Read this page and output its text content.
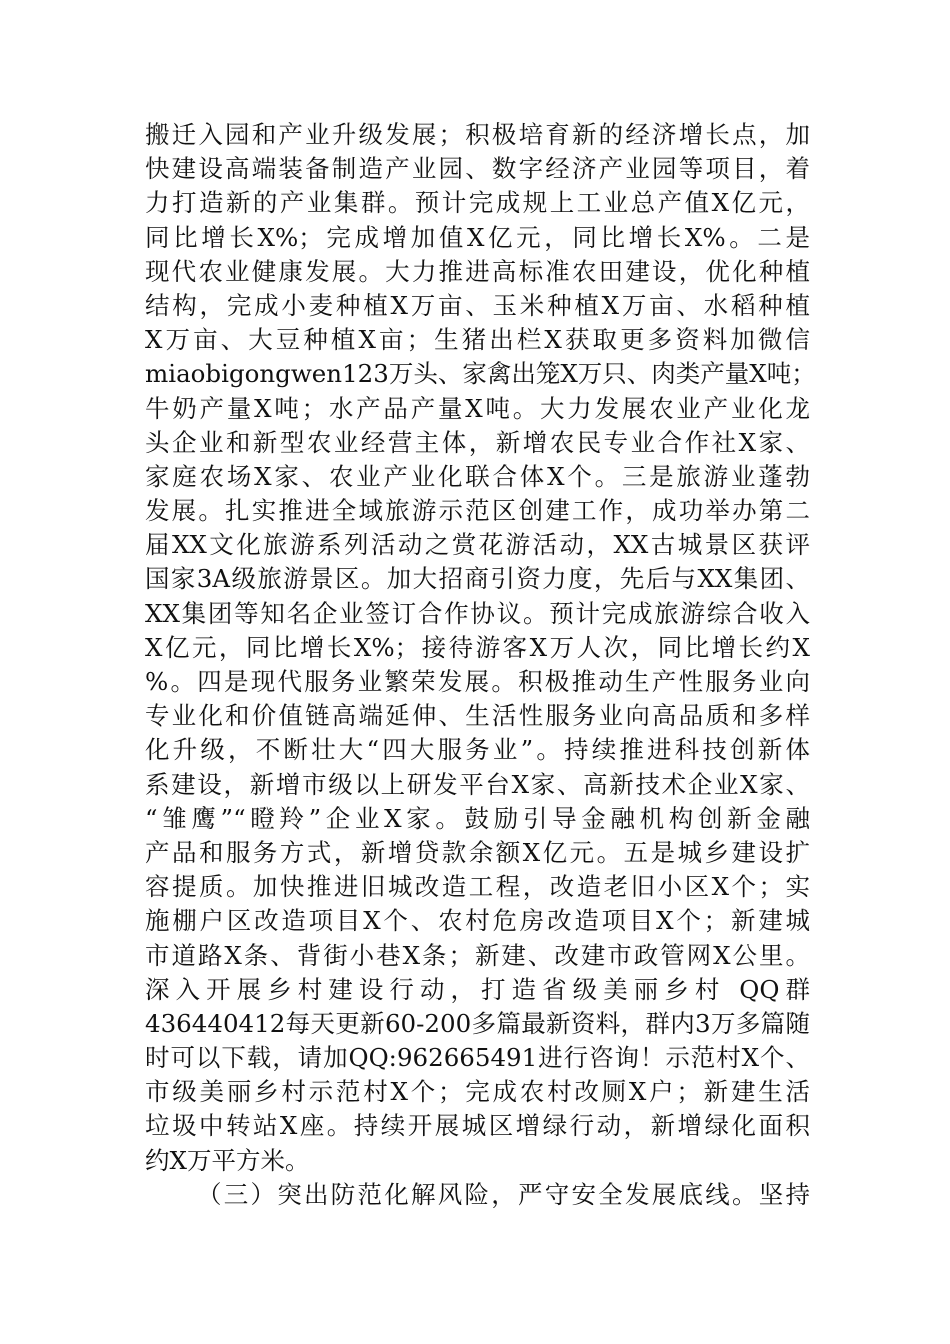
搬迁入园和产业升级发展；积极培育新的经济增长点，加
快建设高端装备制造产业园、数字经济产业园等项目，着
力打造新的产业集群。预计完成规上工业总产值X亿元，
同比增长X%；完成增加值X亿元，同比增长X%。二是
现代农业健康发展。大力推进高标准农田建设，优化种植
结构，完成小麦种植X万亩、玉米种植X万亩、水稻种植
X万亩、大豆种植X亩；生猪出栏X获取更多资料加微信
miaobigongwen123万头、家禽出笼X万只、肉类产量X吨；
牛奶产量X吨；水产品产量X吨。大力发展农业产业化龙
头企业和新型农业经营主体，新增农民专业合作社X家、
家庭农场X家、农业产业化联合体X个。三是旅游业蓬勃
发展。扎实推进全域旅游示范区创建工作，成功举办第二
届XX文化旅游系列活动之赏花游活动，XX古城景区获评
国家3A级旅游景区。加大招商引资力度，先后与XX集团、
XX集团等知名企业签订合作协议。预计完成旅游综合收入
X亿元，同比增长X%；接待游客X万人次，同比增长约X
%。四是现代服务业繁荣发展。积极推动生产性服务业向
专业化和价值链高端延伸、生活性服务业向高品质和多样
化升级，不断壮大“四大服务业”。持续推进科技创新体
系建设，新增市级以上研发平台X家、高新技术企业X家、
“雏鹰”“瞪羚”企业X家。鼓励引导金融机构创新金融
产品和服务方式，新增贷款余额X亿元。五是城乡建设扩
容提质。加快推进旧城改造工程，改造老旧小区X个；实
施棚户区改造项目X个、农村危房改造项目X个；新建城
市道路X条、背街小巷X条；新建、改建市政管网X公里。
深入开展乡村建设行动，打造省级美丽乡村 QQ群
436440412每天更新60-200多篇最新资料，群内3万多篇随
时可以下载，请加QQ:962665491进行咨询！示范村X个、
市级美丽乡村示范村X个；完成农村改厕X户；新建生活
垃圾中转站X座。持续开展城区增绿行动，新增绿化面积
约X万平方米。
（三）突出防范化解风险，严守安全发展底线。坚持
